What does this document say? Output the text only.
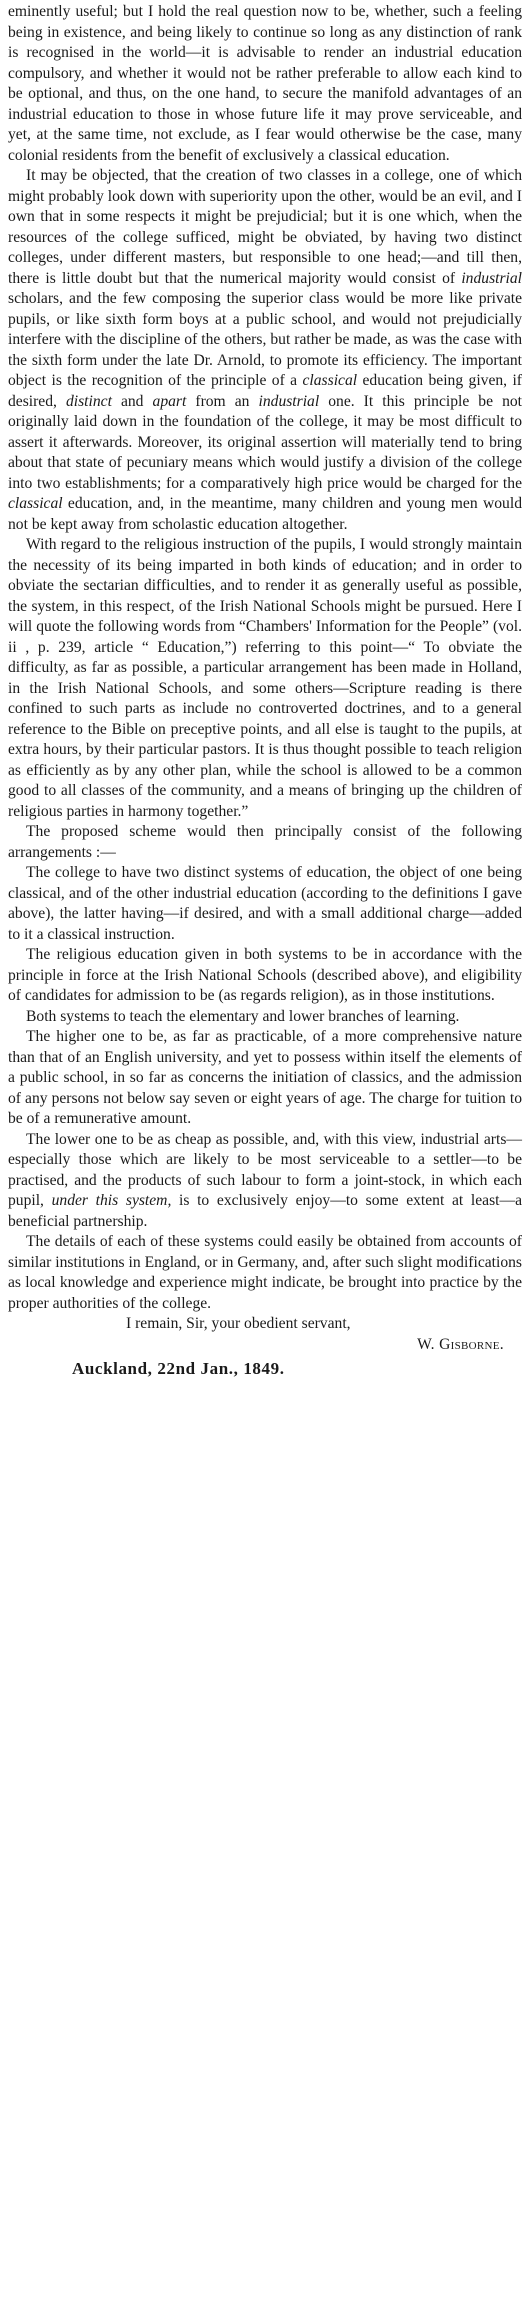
eminently useful; but I hold the real question now to be, whether, such a feeling being in existence, and being likely to continue so long as any distinction of rank is recognised in the world—it is advisable to render an industrial education compulsory, and whether it would not be rather preferable to allow each kind to be optional, and thus, on the one hand, to secure the manifold advantages of an industrial education to those in whose future life it may prove serviceable, and yet, at the same time, not exclude, as I fear would otherwise be the case, many colonial residents from the benefit of exclusively a classical education.

It may be objected, that the creation of two classes in a college, one of which might probably look down with superiority upon the other, would be an evil, and I own that in some respects it might be prejudicial; but it is one which, when the resources of the college sufficed, might be obviated, by having two distinct colleges, under different masters, but responsible to one head;—and till then, there is little doubt but that the numerical majority would consist of industrial scholars, and the few composing the superior class would be more like private pupils, or like sixth form boys at a public school, and would not prejudicially interfere with the discipline of the others, but rather be made, as was the case with the sixth form under the late Dr. Arnold, to promote its efficiency. The important object is the recognition of the principle of a classical education being given, if desired, distinct and apart from an industrial one. It this principle be not originally laid down in the foundation of the college, it may be most difficult to assert it afterwards. Moreover, its original assertion will materially tend to bring about that state of pecuniary means which would justify a division of the college into two establishments; for a comparatively high price would be charged for the classical education, and, in the meantime, many children and young men would not be kept away from scholastic education altogether.

With regard to the religious instruction of the pupils, I would strongly maintain the necessity of its being imparted in both kinds of education; and in order to obviate the sectarian difficulties, and to render it as generally useful as possible, the system, in this respect, of the Irish National Schools might be pursued. Here I will quote the following words from “Chambers' Information for the People” (vol. ii , p. 239, article “ Education,”) referring to this point—“ To obviate the difficulty, as far as possible, a particular arrangement has been made in Holland, in the Irish National Schools, and some others—Scripture reading is there confined to such parts as include no controverted doctrines, and to a general reference to the Bible on preceptive points, and all else is taught to the pupils, at extra hours, by their particular pastors. It is thus thought possible to teach religion as efficiently as by any other plan, while the school is allowed to be a common good to all classes of the community, and a means of bringing up the children of religious parties in harmony together.”

The proposed scheme would then principally consist of the following arrangements :—

The college to have two distinct systems of education, the object of one being classical, and of the other industrial education (according to the definitions I gave above), the latter having—if desired, and with a small additional charge—added to it a classical instruction.

The religious education given in both systems to be in accordance with the principle in force at the Irish National Schools (described above), and eligibility of candidates for admission to be (as regards religion), as in those institutions.

Both systems to teach the elementary and lower branches of learning.

The higher one to be, as far as practicable, of a more comprehensive nature than that of an English university, and yet to possess within itself the elements of a public school, in so far as concerns the initiation of classics, and the admission of any persons not below say seven or eight years of age. The charge for tuition to be of a remunerative amount.

The lower one to be as cheap as possible, and, with this view, industrial arts—especially those which are likely to be most serviceable to a settler—to be practised, and the products of such labour to form a joint-stock, in which each pupil, under this system, is to exclusively enjoy—to some extent at least—a beneficial partnership.

The details of each of these systems could easily be obtained from accounts of similar institutions in England, or in Germany, and, after such slight modifications as local knowledge and experience might indicate, be brought into practice by the proper authorities of the college.

I remain, Sir, your obedient servant,
W. Gisborne.

Auckland, 22nd Jan., 1849.
